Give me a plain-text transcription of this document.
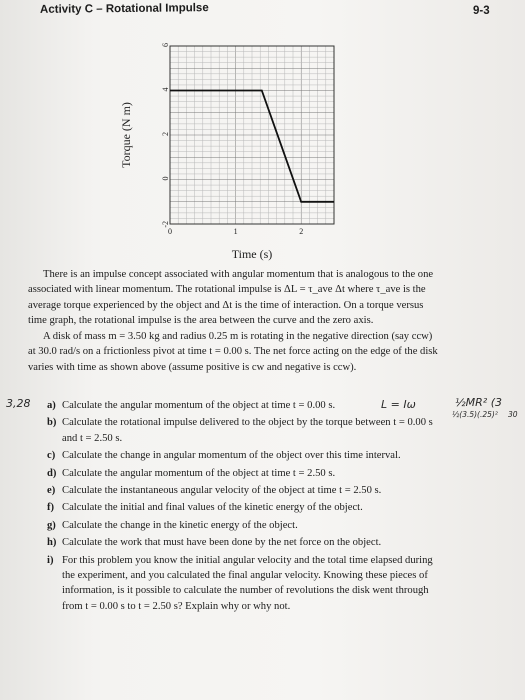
Activity C – Rotational Impulse	9-3
6
4
2
0
-2
0	1	2
Torque (N m)
Time (s)
There is an impulse concept associated with angular momentum that is analogous to the one
associated with linear momentum. The rotational impulse is ΔL = τ_ave Δt where τ_ave is the
average torque experienced by the object and Δt is the time of interaction. On a torque versus
time graph, the rotational impulse is the area between the curve and the zero axis.
A disk of mass m = 3.50 kg and radius 0.25 m is rotating in the negative direction (say ccw)
at 30.0 rad/s on a frictionless pivot at time t = 0.00 s. The net force acting on the edge of the disk
varies with time as shown above (assume positive is cw and negative is ccw).
a) Calculate the angular momentum of the object at time t = 0.00 s.
b) Calculate the rotational impulse delivered to the object by the torque between t = 0.00 s
and t = 2.50 s.
c) Calculate the change in angular momentum of the object over this time interval.
d) Calculate the angular momentum of the object at time t = 2.50 s.
e) Calculate the instantaneous angular velocity of the object at time t = 2.50 s.
f) Calculate the initial and final values of the kinetic energy of the object.
g) Calculate the change in the kinetic energy of the object.
h) Calculate the work that must have been done by the net force on the object.
i) For this problem you know the initial angular velocity and the total time elapsed during
the experiment, and you calculated the final angular velocity. Knowing these pieces of
information, is it possible to calculate the number of revolutions the disk went through
from t = 0.00 s to t = 2.50 s? Explain why or why not.
3,28	L = Iω	½MR² (3
½(3.5)(.25)² 30
